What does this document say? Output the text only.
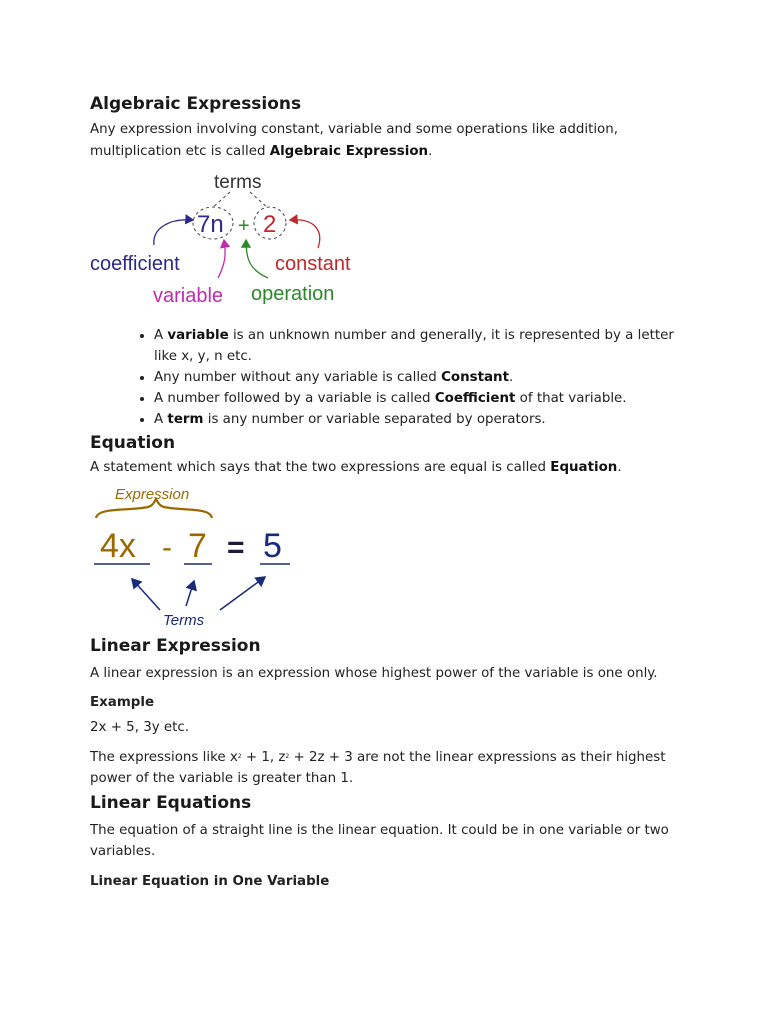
Algebraic Expressions

Any expression involving constant, variable and some operations like addition, multiplication etc is called Algebraic Expression.

terms
7n + 2
coefficient	constant
variable operation
• A variable is an unknown number and generally, it is represented by a letter like x, y, n etc.
• Any number without any variable is called Constant.
• A number followed by a variable is called Coefficient of that variable.
• A term is any number or variable separated by operators.
Equation

A statement which says that the two expressions are equal is called Equation.

Expression
4x - 7 = 5
Terms
Linear Expression

A linear expression is an expression whose highest power of the variable is one only.

Example

2x + 5, 3y etc.

The expressions like $x^2 + 1$, $z^2 + 2z + 3$ are not the linear expressions as their highest power of the variable is greater than 1.

Linear Equations

The equation of a straight line is the linear equation. It could be in one variable or two variables.

Linear Equation in One Variable
